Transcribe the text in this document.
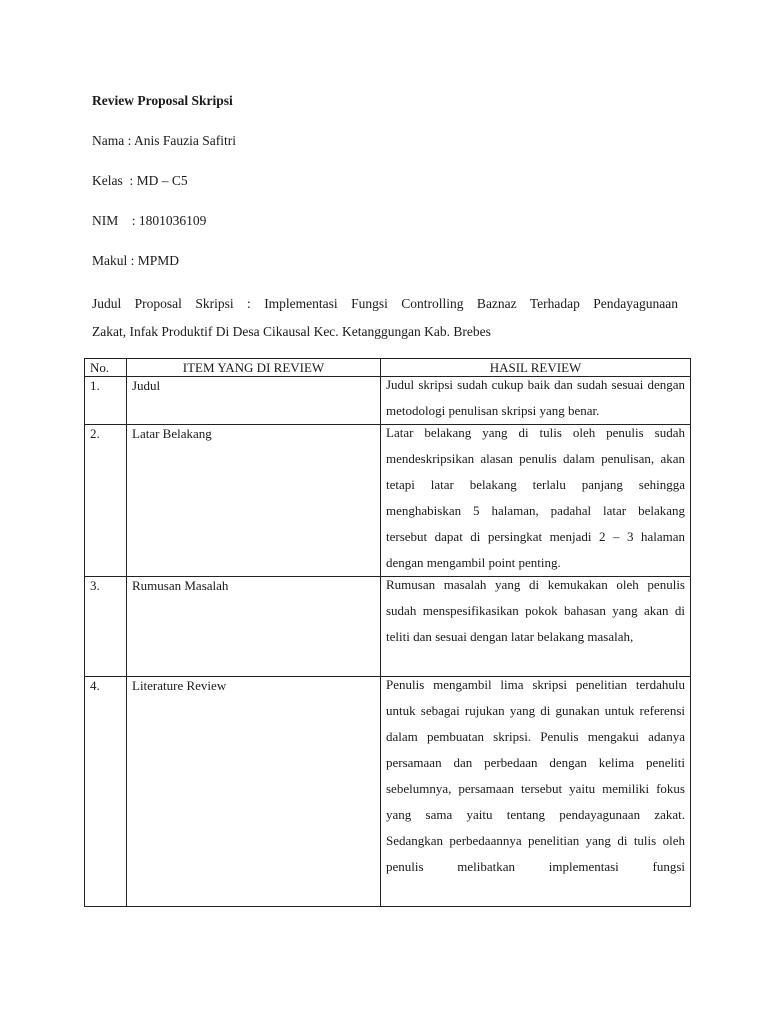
Review Proposal Skripsi
Nama : Anis Fauzia Safitri
Kelas  : MD – C5
NIM    : 1801036109
Makul : MPMD
Judul Proposal Skripsi : Implementasi Fungsi Controlling Baznaz Terhadap Pendayagunaan
Zakat, Infak Produktif Di Desa Cikausal Kec. Ketanggungan Kab. Brebes
No.	ITEM YANG DI REVIEW	HASIL REVIEW
1.	Judul	Judul skripsi sudah cukup baik dan sudah sesuai dengan metodologi penulisan skripsi yang benar.

2.	Latar Belakang	Latar belakang yang di tulis oleh penulis sudah mendeskripsikan alasan penulis dalam penulisan, akan tetapi latar belakang terlalu panjang sehingga menghabiskan 5 halaman, padahal latar belakang tersebut dapat di persingkat menjadi 2 – 3 halaman dengan mengambil point penting.

3.	Rumusan Masalah	Rumusan masalah yang di kemukakan oleh penulis sudah menspesifikasikan pokok bahasan yang akan di teliti dan sesuai dengan latar belakang masalah,

4.	Literature Review	Penulis mengambil lima skripsi penelitian terdahulu untuk sebagai rujukan yang di gunakan untuk referensi dalam pembuatan skripsi. Penulis mengakui adanya persamaan dan perbedaan dengan kelima peneliti sebelumnya, persamaan tersebut yaitu memiliki fokus yang sama yaitu tentang pendayagunaan zakat. Sedangkan perbedaannya penelitian yang di tulis oleh penulis melibatkan implementasi fungsi
